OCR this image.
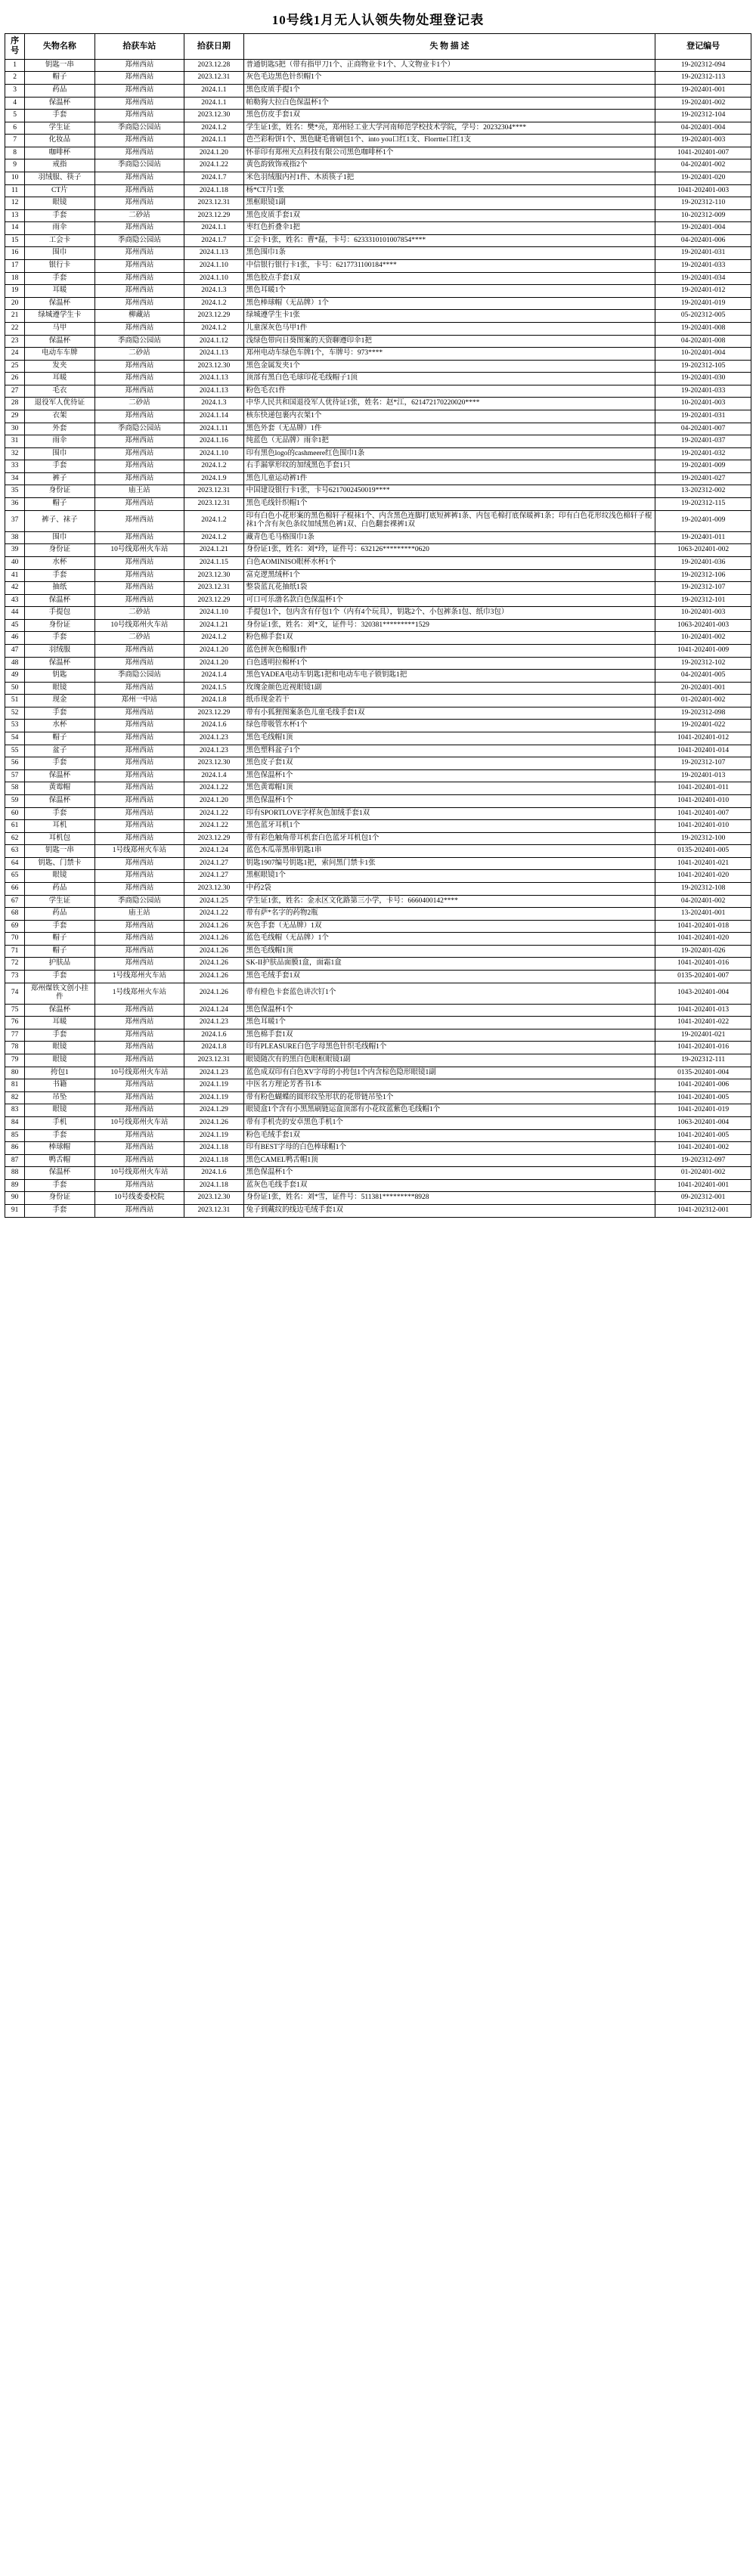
10号线1月无人认领失物处理登记表
序号	失物名称	拾获车站	拾获日期	失 物 描 述	登记编号
1	钥匙一串	郑州西站	2023.12.28	普通钥匙5把（带有指甲刀1个、正商物业卡1个、人文物业卡1个）	19-202312-094
2	帽子	郑州西站	2023.12.31	灰色毛边黑色针织帽1个	19-202312-113
3	药品	郑州西站	2024.1.1	黑色皮质手提1个	19-202401-001
4	保温杯	郑州西站	2024.1.1	帕勒狗大拉白色保温杯1个	19-202401-002
5	手套	郑州西站	2023.12.30	黑色仿皮手套1双	19-202312-104
6	学生证	季商隐公园站	2024.1.2	学生证1张，姓名：樊*亮，郑州轻工业大学河南师范学校技术学院，学号：20232304****	04-202401-004
7	化妆品	郑州西站	2024.1.1	芭苎彩粉饼1个、黑色睫毛膏刷包1个、into you口红1支、Florrtte口红1支	19-202401-003
8	咖啡杯	郑州西站	2024.1.20	怀菲印有郑州天点科技有限公司黑色咖啡杯1个	1041-202401-007
9	戒指	季商隐公园站	2024.1.22	黄色韵致饰戒指2个	04-202401-002
10	羽绒服、筷子	郑州西站	2024.1.7	米色羽绒服内衬1件、木质筷子1把	19-202401-020
11	CT片	郑州西站	2024.1.18	杨*CT片1张	1041-202401-003
12	眼镜	郑州西站	2023.12.31	黑框眼镜1副	19-202312-110
13	手套	二砂站	2023.12.29	黑色皮质手套1双	10-202312-009
14	雨伞	郑州西站	2024.1.1	枣红色折叠伞1把	19-202401-004
15	工会卡	季商隐公园站	2024.1.7	工会卡1张，姓名：曹*磊，卡号：6233310101007854****	04-202401-006
16	围巾	郑州西站	2024.1.13	黑色围巾1条	19-202401-031
17	银行卡	郑州西站	2024.1.10	中信银行银行卡1张，卡号：6217731100184****	19-202401-033
18	手套	郑州西站	2024.1.10	黑色胶点手套1双	19-202401-034
19	耳暖	郑州西站	2024.1.3	黑色耳暖1个	19-202401-012
20	保温杯	郑州西站	2024.1.2	黑色棒球帽（无品牌）1个	19-202401-019
21	绿城遵学生卡	柳藏站	2023.12.29	绿城遵学生卡1张	05-202312-005
22	马甲	郑州西站	2024.1.2	儿童深灰色马甲1件	19-202401-008
23	保温杯	季商隐公园站	2024.1.12	浅绿色带向日葵图案的天资聊遵印伞1把	04-202401-008
24	电动车车牌	二砂站	2024.1.13	郑州电动车绿色车牌1个，车牌号：973****	10-202401-004
25	发夹	郑州西站	2023.12.30	黑色金属发夹1个	19-202312-105
26	耳暖	郑州西站	2024.1.13	顶部有黑白色毛球印花毛线帽子1顶	19-202401-030
27	毛衣	郑州西站	2024.1.13	粉色毛衣1件	19-202401-033
28	退役军人优待证	二砂站	2024.1.3	中华人民共和国退役军人优待证1张，姓名：赵*江，621472170220020****	10-202401-003
29	衣架	郑州西站	2024.1.14	核东快递包裹内衣架1个	19-202401-031
30	外套	季商隐公园站	2024.1.11	黑色外套（无品牌）1件	04-202401-007
31	雨伞	郑州西站	2024.1.16	纯蓝色（无品牌）雨伞1把	19-202401-037
32	围巾	郑州西站	2024.1.10	印有黑色logo的cashmeere红色围巾1条	19-202401-032
33	手套	郑州西站	2024.1.2	右手漏掌形纹的加绒黑色手套1只	19-202401-009
34	裤子	郑州西站	2024.1.9	黑色儿童运动裤1件	19-202401-027
35	身份证	庙王站	2023.12.31	中国建设银行卡1张，卡号6217002450019****	13-202312-002
36	帽子	郑州西站	2023.12.31	黑色毛线针织帽1个	19-202312-115
37	裤子、袜子	郑州西站	2024.1.2	印有白色小花形案的黑色棉轩子棍袜1个、内含黑色连脚打底短裤裤1条、内包毛棉打底保暖裤1条；印有白色花形纹浅色棉轩子棍袜1个含有灰色条纹加绒黑色裤1双、白色翻套裸裤1双	19-202401-009
38	围巾	郑州西站	2024.1.2	藏青色毛马格围巾1条	19-202401-011
39	身份证	10号线郑州火车站	2024.1.21	身份证1张，姓名：刘*玲，证件号：632126*********0620	1063-202401-002
40	水杯	郑州西站	2024.1.15	白色AOMINISO眼杯水杯1个	19-202401-036
41	手套	郑州西站	2023.12.30	富克逻黑绒杯1个	19-202312-106
42	抽纸	郑州西站	2023.12.31	整袋蓝瓦花抽纸1袋	19-202312-107
43	保温杯	郑州西站	2023.12.29	可口可乐渤名款白色保温杯1个	19-202312-101
44	手提包	二砂站	2024.1.10	手提包1个，包内含有仔包1个（内有4个玩具），钥匙2个、小包裤条1包、纸巾3包）	10-202401-003
45	身份证	10号线郑州火车站	2024.1.21	身份证1张，姓名：刘*文，证件号：320381*********1529	1063-202401-003
46	手套	二砂站	2024.1.2	粉色棉手套1双	10-202401-002
47	羽绒服	郑州西站	2024.1.20	蓝色拼灰色棉服1件	1041-202401-009
48	保温杯	郑州西站	2024.1.20	白色透明拉棉杯1个	19-202312-102
49	钥匙	季商隐公园站	2024.1.4	黑色YADEA电动车钥匙1把和电动车电子锁钥匙1把	04-202401-005
50	眼镜	郑州西站	2024.1.5	玫瑰金颜色近视眼镜1副	20-202401-001
51	现金	郑州一中站	2024.1.8	纸币现金若干	01-202401-002
52	手套	郑州西站	2023.12.29	带有小狐狸图案条色儿童毛线手套1双	19-202312-098
53	水杯	郑州西站	2024.1.6	绿色带吸管水杯1个	19-202401-022
54	帽子	郑州西站	2024.1.23	黑色毛线帽1顶	1041-202401-012
55	盆子	郑州西站	2024.1.23	黑色塑料盆子1个	1041-202401-014
56	手套	郑州西站	2023.12.30	黑色皮子套1双	19-202312-107
57	保温杯	郑州西站	2024.1.4	黑色保温杯1个	19-202401-013
58	黄霉帽	郑州西站	2024.1.22	黑色黄霉帽1顶	1041-202401-011
59	保温杯	郑州西站	2024.1.20	黑色保温杯1个	1041-202401-010
60	手套	郑州西站	2024.1.22	印有SPORTLOVE字样灰色加绒手套1双	1041-202401-007
61	耳机	郑州西站	2024.1.22	黑色蓝牙耳机1个	1041-202401-010
62	耳机包	郑州西站	2023.12.29	带有彩色触角带耳机套白色蓝牙耳机包1个	19-202312-100
63	钥匙一串	1号线郑州火车站	2024.1.24	蓝色木瓜蒂黑串钥匙1串	0135-202401-005
64	钥匙、门禁卡	郑州西站	2024.1.27	钥匙1907编号钥匙1把，索问黑门禁卡1张	1041-202401-021
65	眼镜	郑州西站	2024.1.27	黑框眼镜1个	1041-202401-020
66	药品	郑州西站	2023.12.30	中药2袋	19-202312-108
67	学生证	季商隐公园站	2024.1.25	学生证1张，姓名：金永区文化路第三小学，卡号：6660400142****	04-202401-002
68	药品	庙王站	2024.1.22	带有萨*名字的药物2瓶	13-202401-001
69	手套	郑州西站	2024.1.26	灰色手套（无品牌）1双	1041-202401-018
70	帽子	郑州西站	2024.1.26	蓝色毛线帽（无品牌）1个	1041-202401-020
71	帽子	郑州西站	2024.1.26	黑色毛线帽1顶	19-202401-026
72	护肤品	郑州西站	2024.1.26	SK-II护肤品面膜1盒，面霜1盒	1041-202401-016
73	手套	1号线郑州火车站	2024.1.26	黑色毛绒手套1双	0135-202401-007
74	郑州煤铁文创小挂件	1号线郑州火车站	2024.1.26	带有橙色卡套蓝色讲次钉1个	1043-202401-004
75	保温杯	郑州西站	2024.1.24	黑色保温杯1个	1041-202401-013
76	耳暖	郑州西站	2024.1.23	黑色耳暖1个	1041-202401-022
77	手套	郑州西站	2024.1.6	黑色棉手套1双	19-202401-021
78	眼镜	郑州西站	2024.1.8	印有PLEASURE白色字母黑色针织毛线帽1个	1041-202401-016
79	眼镜	郑州西站	2023.12.31	眼镜随次有的黑白色眼框眼镜1副	19-202312-111
80	挎包1	10号线郑州火车站	2024.1.23	蓝色成双印有白色XV字母的小挎包1个内含棕色隐形眼镜1副	0135-202401-004
81	书籍	郑州西站	2024.1.19	中医名方理论芳香书1本	1041-202401-006
82	吊坠	郑州西站	2024.1.19	带有粉色蝴蝶的圆形纹坠形状的花带链吊坠1个	1041-202401-005
83	眼镜	郑州西站	2024.1.29	眼镜盒1个含有小黑黑刷链运盒顶部有小花纹蓝紫色毛线帽1个	1041-202401-019
84	手机	10号线郑州火车站	2024.1.26	带有手机壳的安卓黑色手机1个	1063-202401-004
85	手套	郑州西站	2024.1.19	粉色毛绒手套1双	1041-202401-005
86	棒球帽	郑州西站	2024.1.18	印有BEST字母的白色棒球帽1个	1041-202401-002
87	鸭舌帽	郑州西站	2024.1.18	黑色CAMEL鸭舌帽1顶	19-202312-097
88	保温杯	10号线郑州火车站	2024.1.6	黑色保温杯1个	01-202401-002
89	手套	郑州西站	2024.1.18	蓝灰色毛线手套1双	1041-202401-001
90	身份证	10号线委委校院	2023.12.30	身份证1张，姓名：刘*雪，证件号：511381*********8928	09-202312-001
91	手套	郑州西站	2023.12.31	兔子到戴纹的线边毛绒手套1双	1041-202312-001
